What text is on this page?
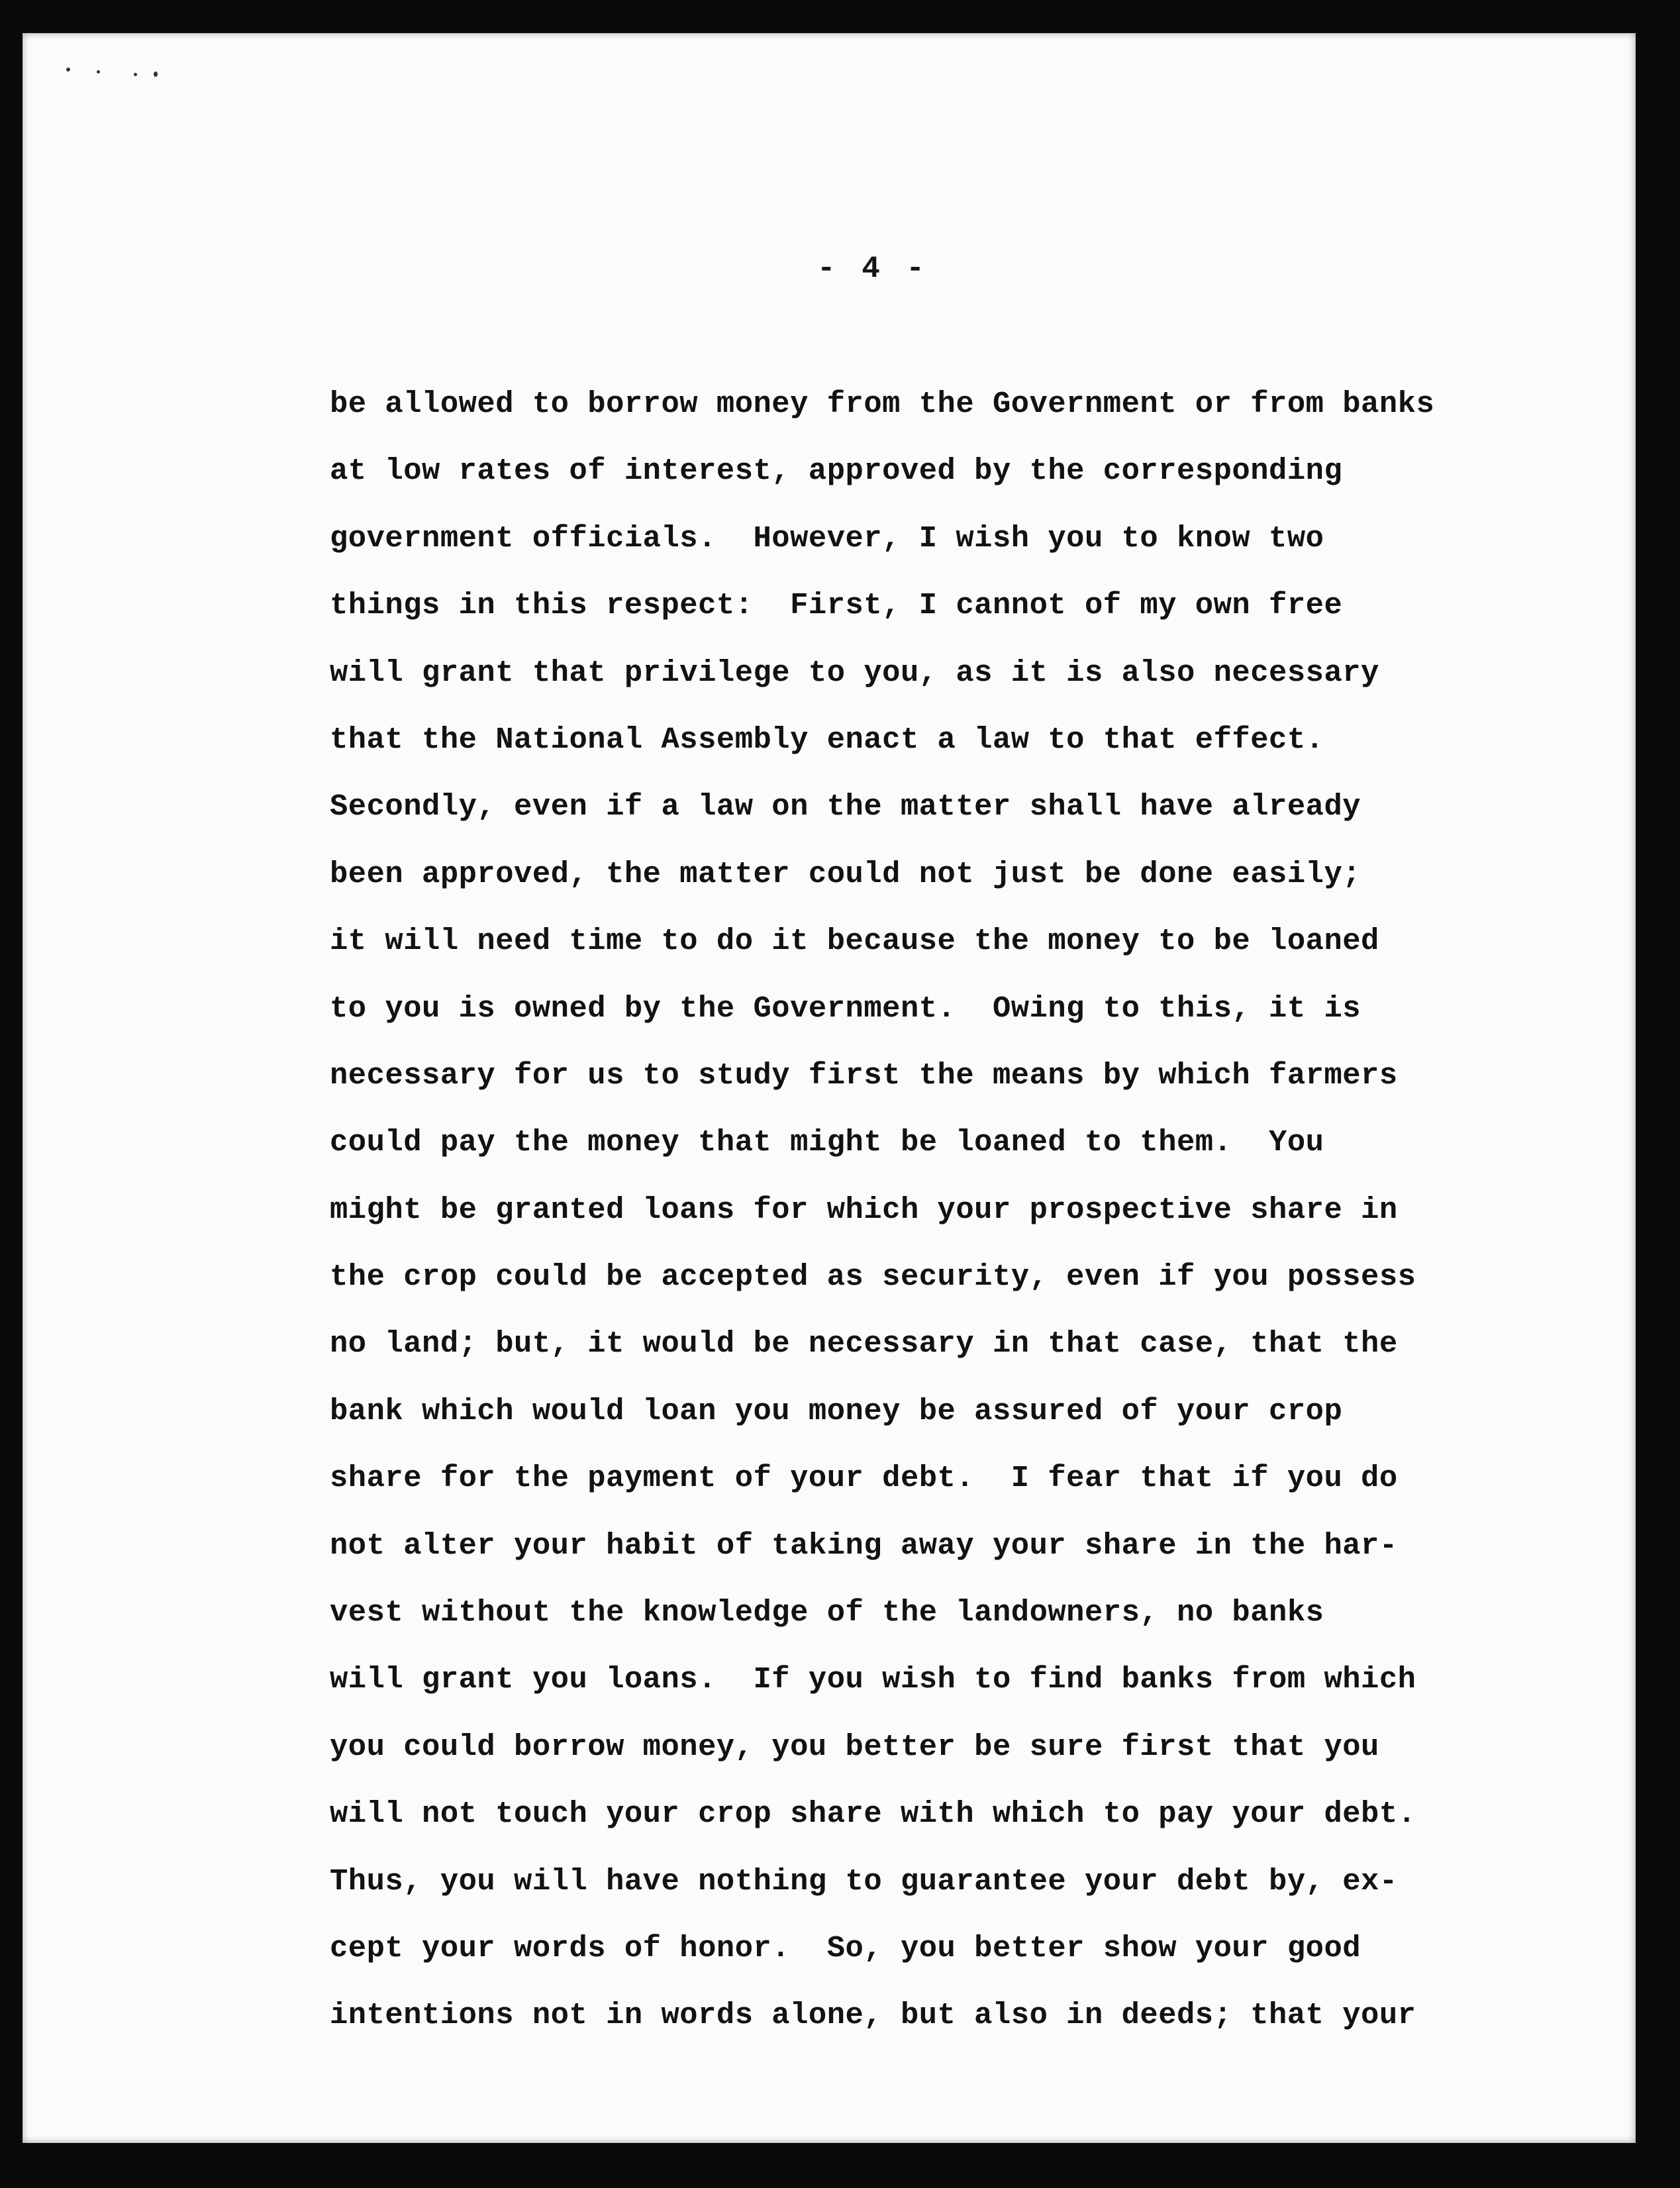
- 4 -
be allowed to borrow money from the Government or from banks
at low rates of interest, approved by the corresponding
government officials.  However, I wish you to know two
things in this respect:  First, I cannot of my own free
will grant that privilege to you, as it is also necessary
that the National Assembly enact a law to that effect.
Secondly, even if a law on the matter shall have already
been approved, the matter could not just be done easily;
it will need time to do it because the money to be loaned
to you is owned by the Government.  Owing to this, it is
necessary for us to study first the means by which farmers
could pay the money that might be loaned to them.  You
might be granted loans for which your prospective share in
the crop could be accepted as security, even if you possess
no land; but, it would be necessary in that case, that the
bank which would loan you money be assured of your crop
share for the payment of your debt.  I fear that if you do
not alter your habit of taking away your share in the har-
vest without the knowledge of the landowners, no banks
will grant you loans.  If you wish to find banks from which
you could borrow money, you better be sure first that you
will not touch your crop share with which to pay your debt.
Thus, you will have nothing to guarantee your debt by, ex-
cept your words of honor.  So, you better show your good
intentions not in words alone, but also in deeds; that your
